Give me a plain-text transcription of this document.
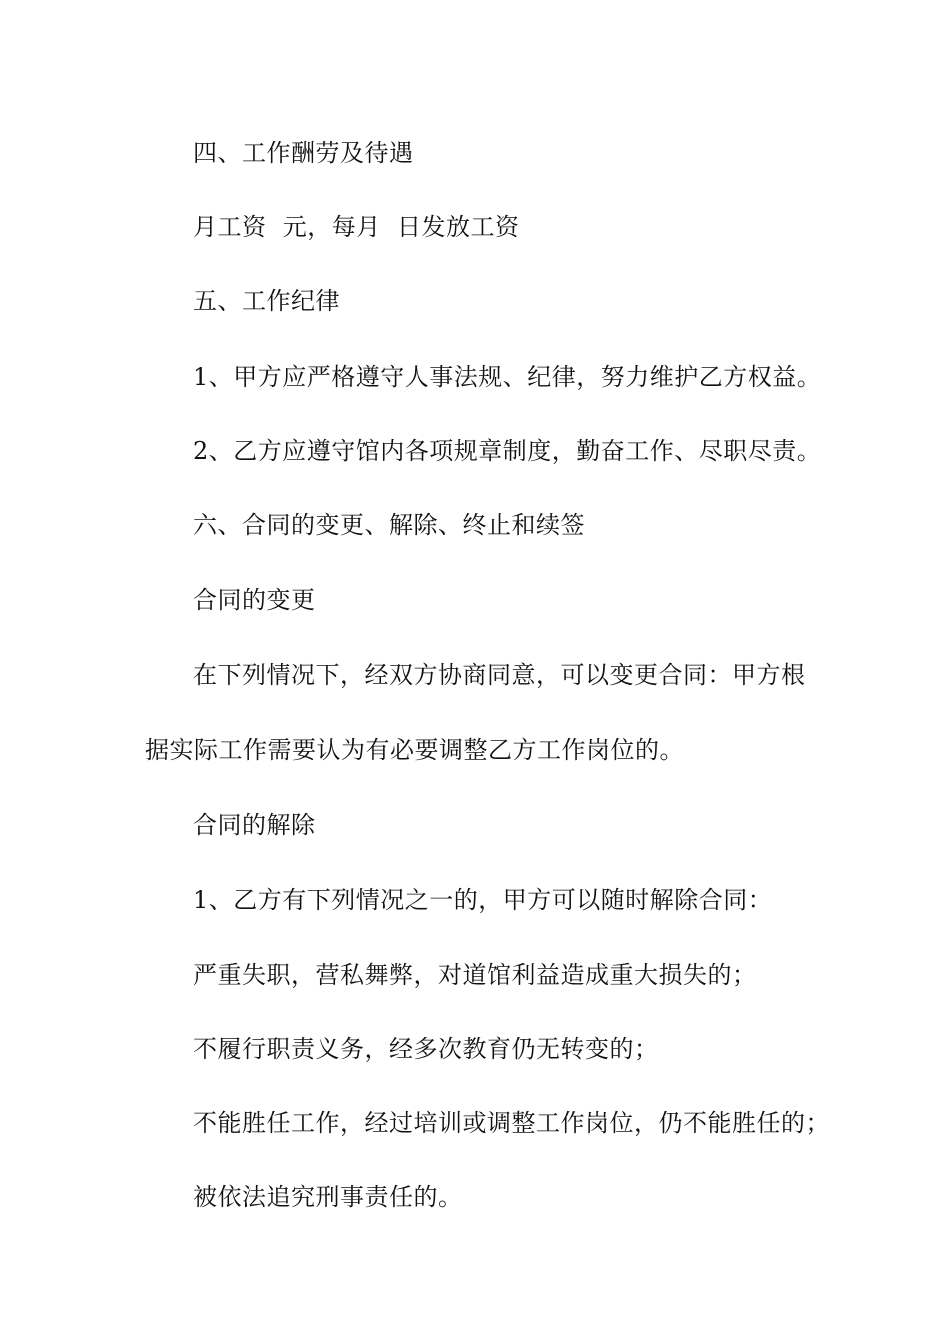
四、工作酬劳及待遇
月工资  元，每月  日发放工资
五、工作纪律
1、甲方应严格遵守人事法规、纪律，努力维护乙方权益。
2、乙方应遵守馆内各项规章制度，勤奋工作、尽职尽责。
六、合同的变更、解除、终止和续签
合同的变更
在下列情况下，经双方协商同意，可以变更合同：甲方根
据实际工作需要认为有必要调整乙方工作岗位的。
合同的解除
1、乙方有下列情况之一的，甲方可以随时解除合同：
严重失职，营私舞弊，对道馆利益造成重大损失的；
不履行职责义务，经多次教育仍无转变的；
不能胜任工作，经过培训或调整工作岗位，仍不能胜任的；
被依法追究刑事责任的。
